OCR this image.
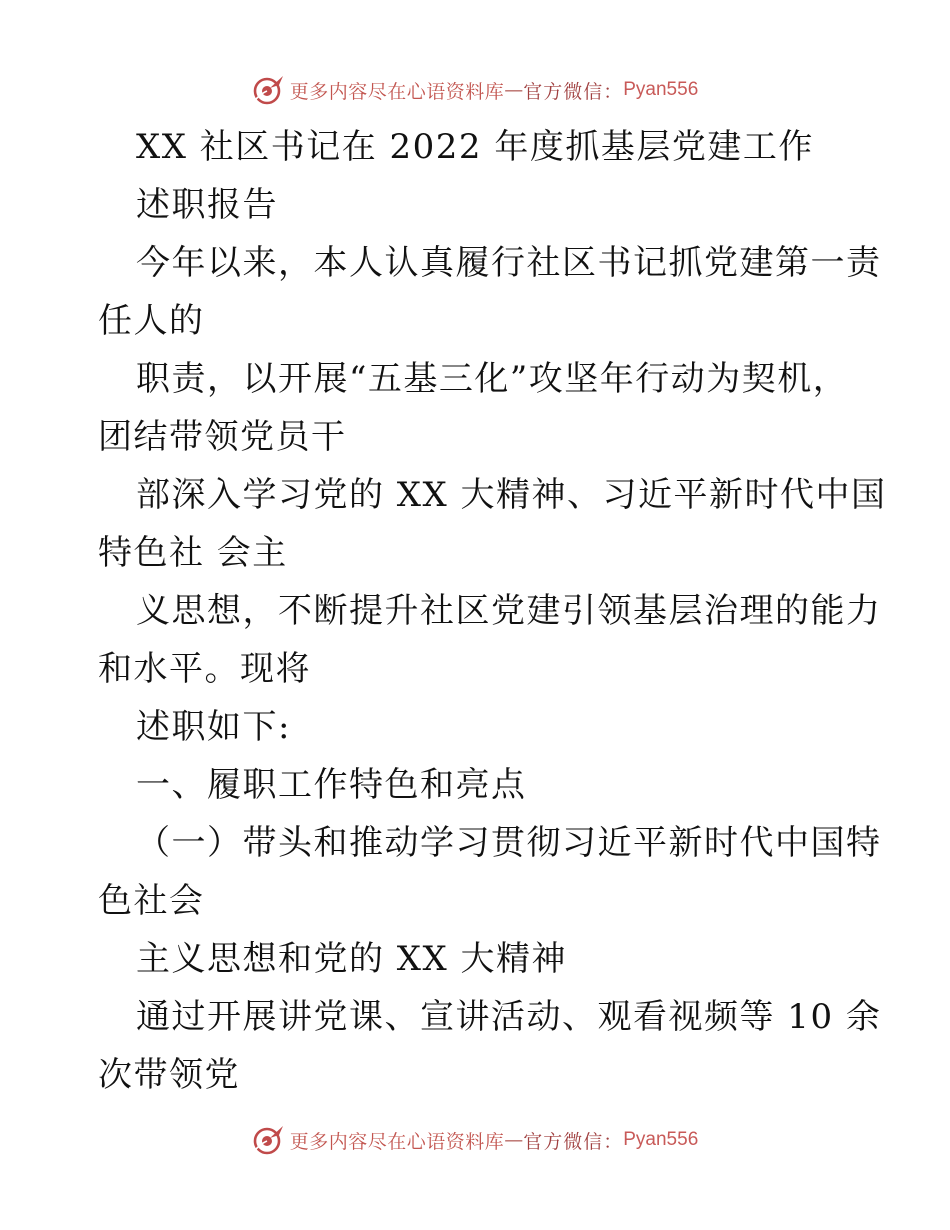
更多内容尽在心语资料库 — 官方微信： Pyan556
XX 社区书记在 2022 年度抓基层党建工作
述职报告
今年以来，本人认真履行社区书记抓党建第一责
任人的
职责，以开展“五基三化”攻坚年行动为契机，
团结带领党员干
部深入学习党的 XX 大精神、习近平新时代中国
特色社 会主
义思想，不断提升社区党建引领基层治理的能力
和水平。现将
述职如下:
一、履职工作特色和亮点
（一）带头和推动学习贯彻习近平新时代中国特
色社会
主义思想和党的 XX 大精神
通过开展讲党课、宣讲活动、观看视频等 10 余
次带领党
更多内容尽在心语资料库 — 官方微信： Pyan556
